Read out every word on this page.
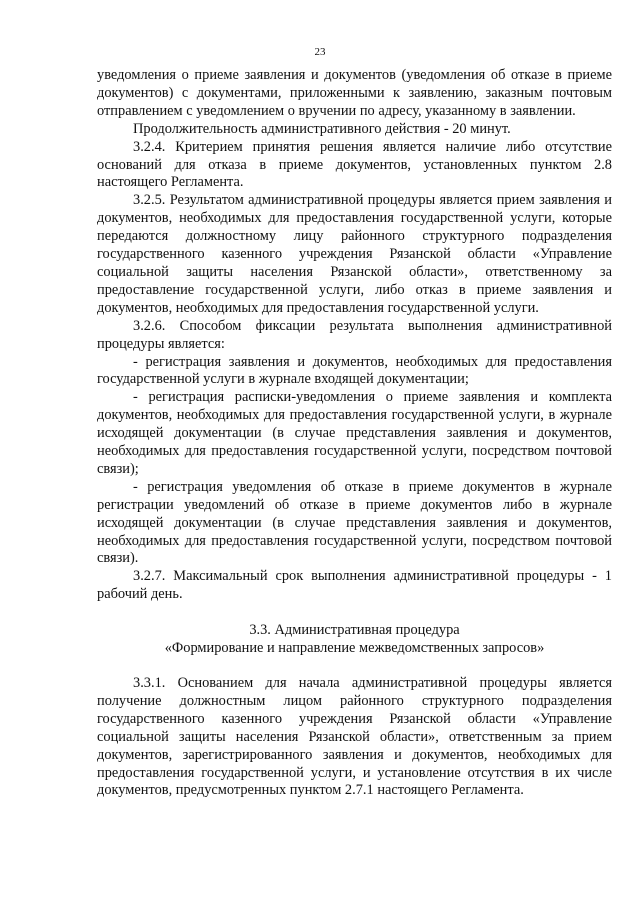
23

уведомления о приеме заявления и документов (уведомления об отказе в приеме документов) с документами, приложенными к заявлению, заказным почтовым отправлением с уведомлением о вручении по адресу, указанному в заявлении.

Продолжительность административного действия - 20 минут.

3.2.4. Критерием принятия решения является наличие либо отсутствие оснований для отказа в приеме документов, установленных пунктом 2.8 настоящего Регламента.

3.2.5. Результатом административной процедуры является прием заявления и документов, необходимых для предоставления государственной услуги, которые передаются должностному лицу районного структурного подразделения государственного казенного учреждения Рязанской области «Управление социальной защиты населения Рязанской области», ответственному за предоставление государственной услуги, либо отказ в приеме заявления и документов, необходимых для предоставления государственной услуги.

3.2.6. Способом фиксации результата выполнения административной процедуры является:

- регистрация заявления и документов, необходимых для предоставления государственной услуги в журнале входящей документации;

- регистрация расписки-уведомления о приеме заявления и комплекта документов, необходимых для предоставления государственной услуги, в журнале исходящей документации (в случае представления заявления и документов, необходимых для предоставления государственной услуги, посредством почтовой связи);

- регистрация уведомления об отказе в приеме документов в журнале регистрации уведомлений об отказе в приеме документов либо в журнале исходящей документации (в случае представления заявления и документов, необходимых для предоставления государственной услуги, посредством почтовой связи).

3.2.7. Максимальный срок выполнения административной процедуры - 1 рабочий день.

3.3. Административная процедура
«Формирование и направление межведомственных запросов»

3.3.1. Основанием для начала административной процедуры является получение должностным лицом районного структурного подразделения государственного казенного учреждения Рязанской области «Управление социальной защиты населения Рязанской области», ответственным за прием документов, зарегистрированного заявления и документов, необходимых для предоставления государственной услуги, и установление отсутствия в их числе документов, предусмотренных пунктом 2.7.1 настоящего Регламента.
